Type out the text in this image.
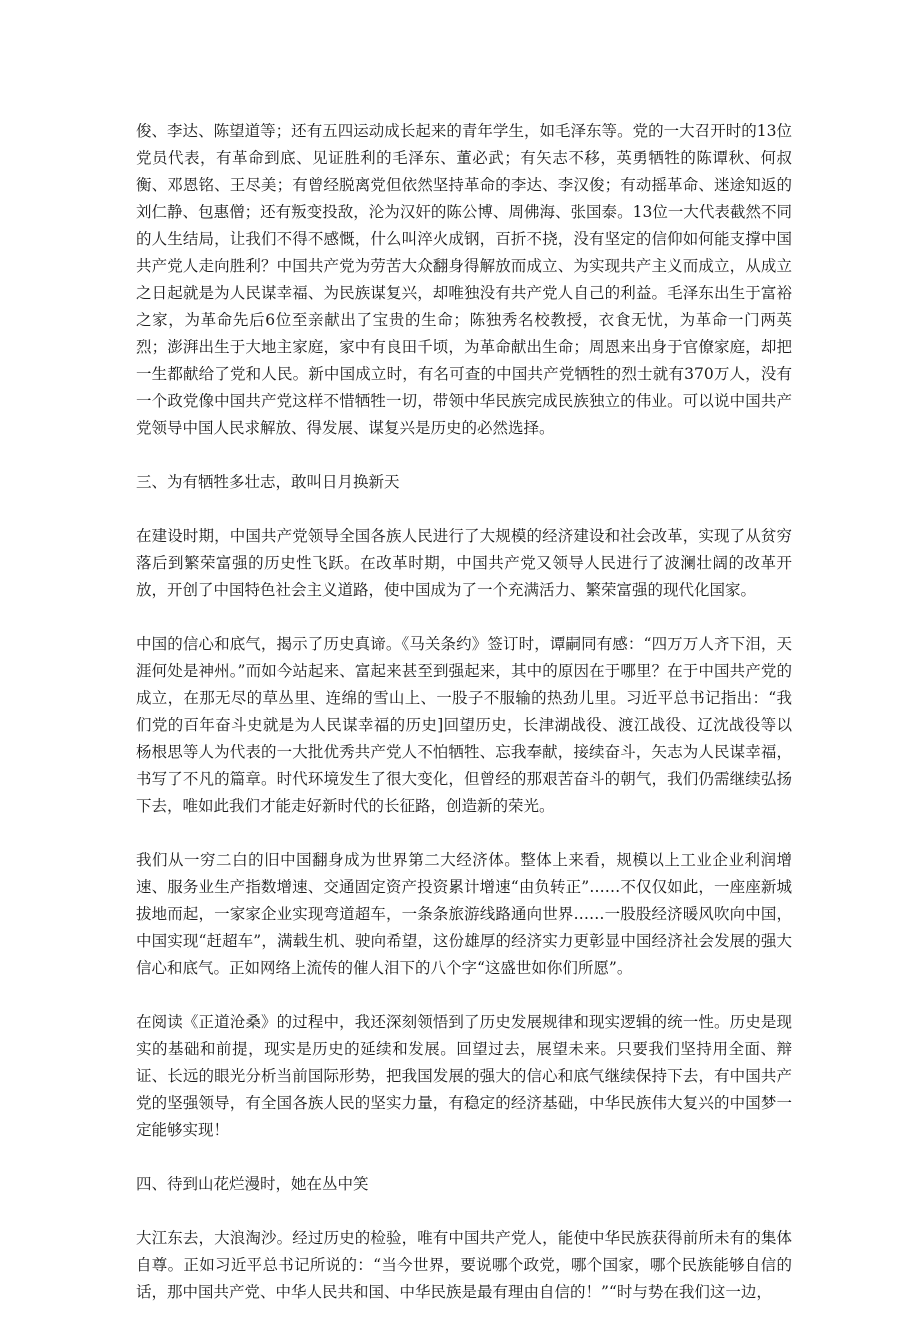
俊、李达、陈望道等；还有五四运动成长起来的青年学生，如毛泽东等。党的一大召开时的13位党员代表，有革命到底、见证胜利的毛泽东、董必武；有矢志不移，英勇牺牲的陈谭秋、何叔衡、邓恩铭、王尽美；有曾经脱离党但依然坚持革命的李达、李汉俊；有动摇革命、迷途知返的刘仁静、包惠僧；还有叛变投敌，沦为汉奸的陈公博、周佛海、张国泰。13位一大代表截然不同的人生结局，让我们不得不感慨，什么叫淬火成钢，百折不挠，没有坚定的信仰如何能支撑中国共产党人走向胜利？中国共产党为劳苦大众翻身得解放而成立、为实现共产主义而成立，从成立之日起就是为人民谋幸福、为民族谋复兴，却唯独没有共产党人自己的利益。毛泽东出生于富裕之家，为革命先后6位至亲献出了宝贵的生命；陈独秀名校教授，衣食无忧，为革命一门两英烈；澎湃出生于大地主家庭，家中有良田千顷，为革命献出生命；周恩来出身于官僚家庭，却把一生都献给了党和人民。新中国成立时，有名可查的中国共产党牺牲的烈士就有370万人，没有一个政党像中国共产党这样不惜牺牲一切，带领中华民族完成民族独立的伟业。可以说中国共产党领导中国人民求解放、得发展、谋复兴是历史的必然选择。

三、为有牺牲多壮志，敢叫日月换新天

在建设时期，中国共产党领导全国各族人民进行了大规模的经济建设和社会改革，实现了从贫穷落后到繁荣富强的历史性飞跃。在改革时期，中国共产党又领导人民进行了波澜壮阔的改革开放，开创了中国特色社会主义道路，使中国成为了一个充满活力、繁荣富强的现代化国家。

中国的信心和底气，揭示了历史真谛。《马关条约》签订时，谭嗣同有感：“四万万人齐下泪，天涯何处是神州。”而如今站起来、富起来甚至到强起来，其中的原因在于哪里？在于中国共产党的成立，在那无尽的草丛里、连绵的雪山上、一股子不服输的热劲儿里。习近平总书记指出：“我们党的百年奋斗史就是为人民谋幸福的历史]回望历史，长津湖战役、渡江战役、辽沈战役等以杨根思等人为代表的一大批优秀共产党人不怕牺牲、忘我奉献，接续奋斗，矢志为人民谋幸福，书写了不凡的篇章。时代环境发生了很大变化，但曾经的那艰苦奋斗的朝气，我们仍需继续弘扬下去，唯如此我们才能走好新时代的长征路，创造新的荣光。

我们从一穷二白的旧中国翻身成为世界第二大经济体。整体上来看，规模以上工业企业利润增速、服务业生产指数增速、交通固定资产投资累计增速“由负转正”……不仅仅如此，一座座新城拔地而起，一家家企业实现弯道超车，一条条旅游线路通向世界……一股股经济暖风吹向中国，中国实现“赶超车”，满载生机、驶向希望，这份雄厚的经济实力更彰显中国经济社会发展的强大信心和底气。正如网络上流传的催人泪下的八个字“这盛世如你们所愿”。

在阅读《正道沧桑》的过程中，我还深刻领悟到了历史发展规律和现实逻辑的统一性。历史是现实的基础和前提，现实是历史的延续和发展。回望过去，展望未来。只要我们坚持用全面、辩证、长远的眼光分析当前国际形势，把我国发展的强大的信心和底气继续保持下去，有中国共产党的坚强领导，有全国各族人民的坚实力量，有稳定的经济基础，中华民族伟大复兴的中国梦一定能够实现！

四、待到山花烂漫时，她在丛中笑

大江东去，大浪淘沙。经过历史的检验，唯有中国共产党人，能使中华民族获得前所未有的集体自尊。正如习近平总书记所说的：“当今世界，要说哪个政党，哪个国家，哪个民族能够自信的话，那中国共产党、中华人民共和国、中华民族是最有理由自信的！”“时与势在我们这一边，
